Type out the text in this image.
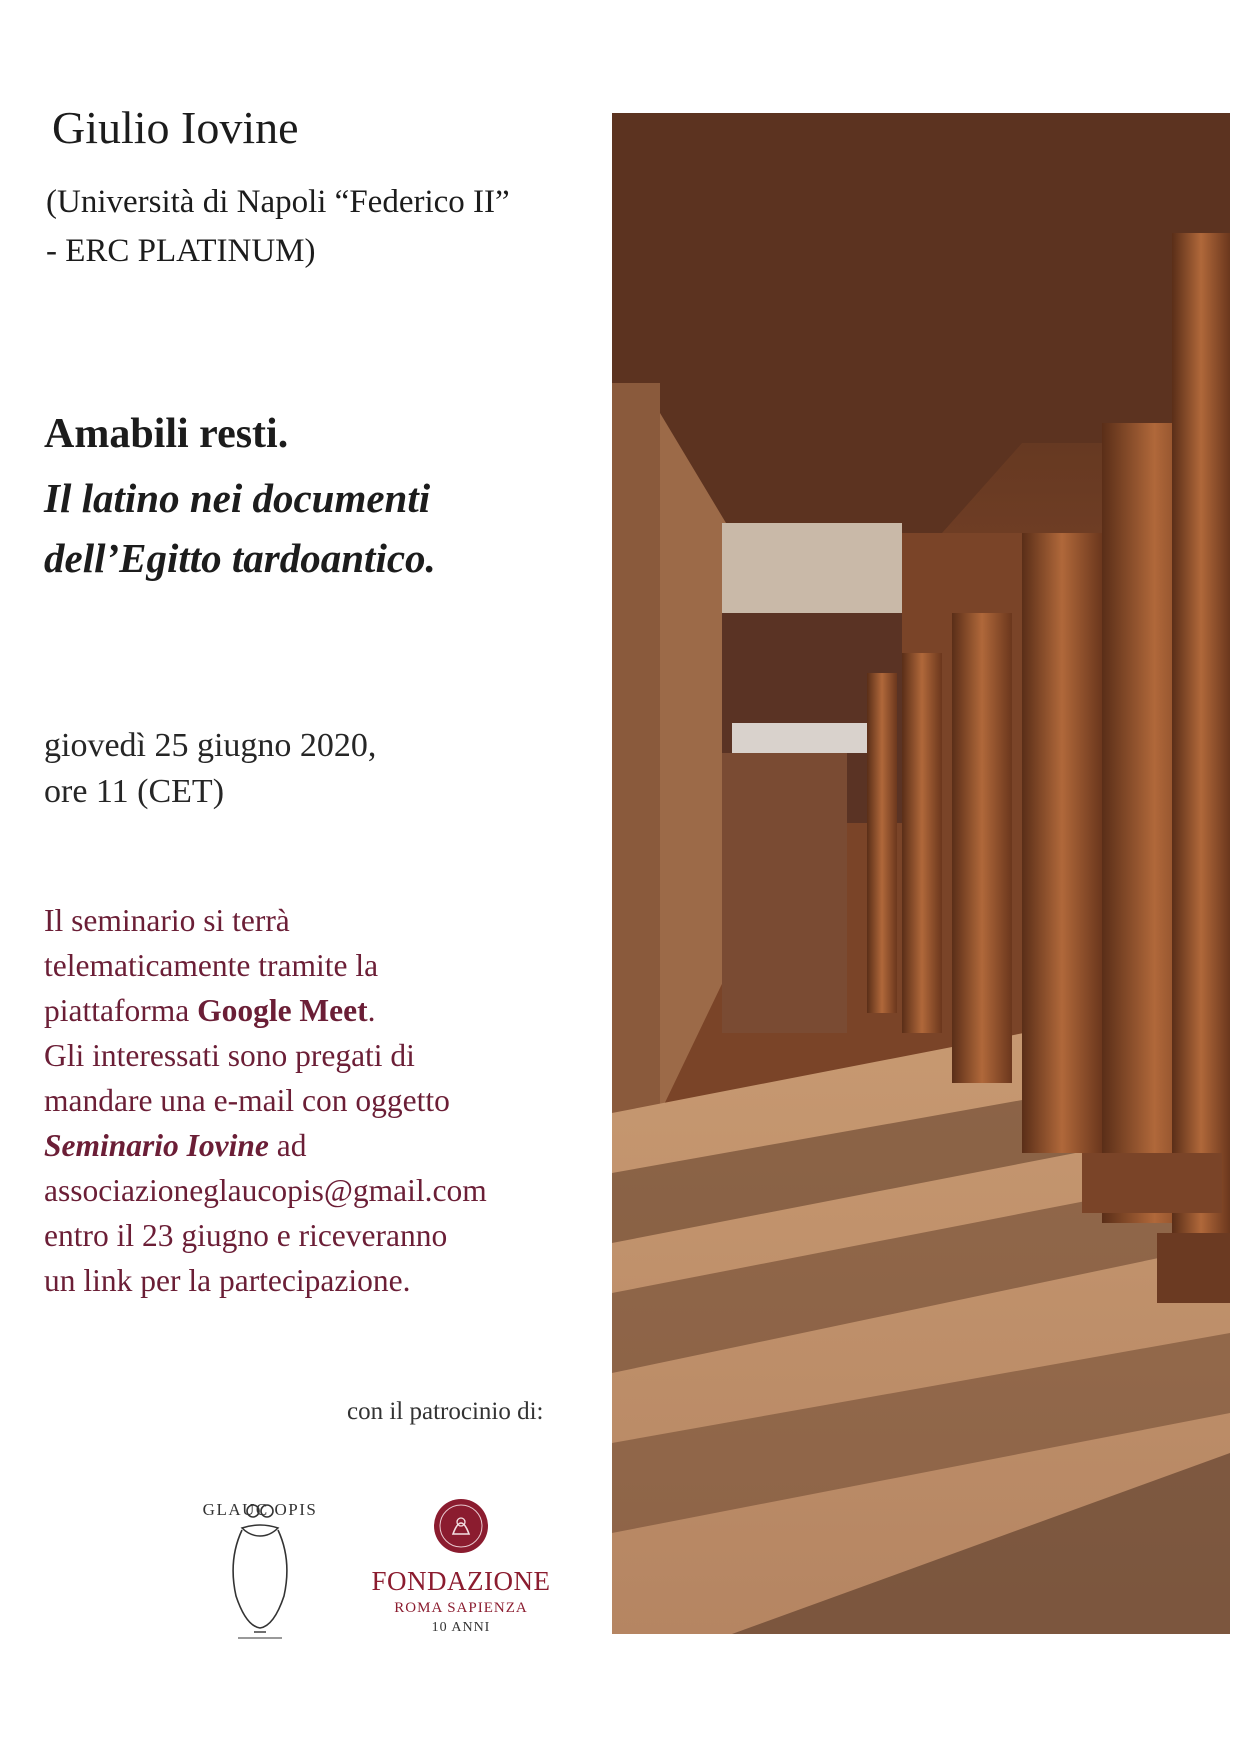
Giulio Iovine
(Università di Napoli “Federico II”
- ERC PLATINUM)
Amabili resti.
Il latino nei documenti
dell’Egitto tardoantico.
giovedì 25 giugno 2020,
ore 11 (CET)
Il seminario si terrà
telematicamente tramite la
piattaforma Google Meet.
Gli interessati sono pregati di
mandare una e-mail con oggetto
Seminario Iovine ad
associazioneglaucopis@gmail.com
entro il 23 giugno e riceveranno
un link per la partecipazione.
con il patrocinio di:
GLAUC OPIS
FONDAZIONE
ROMA SAPIENZA
10 ANNI
